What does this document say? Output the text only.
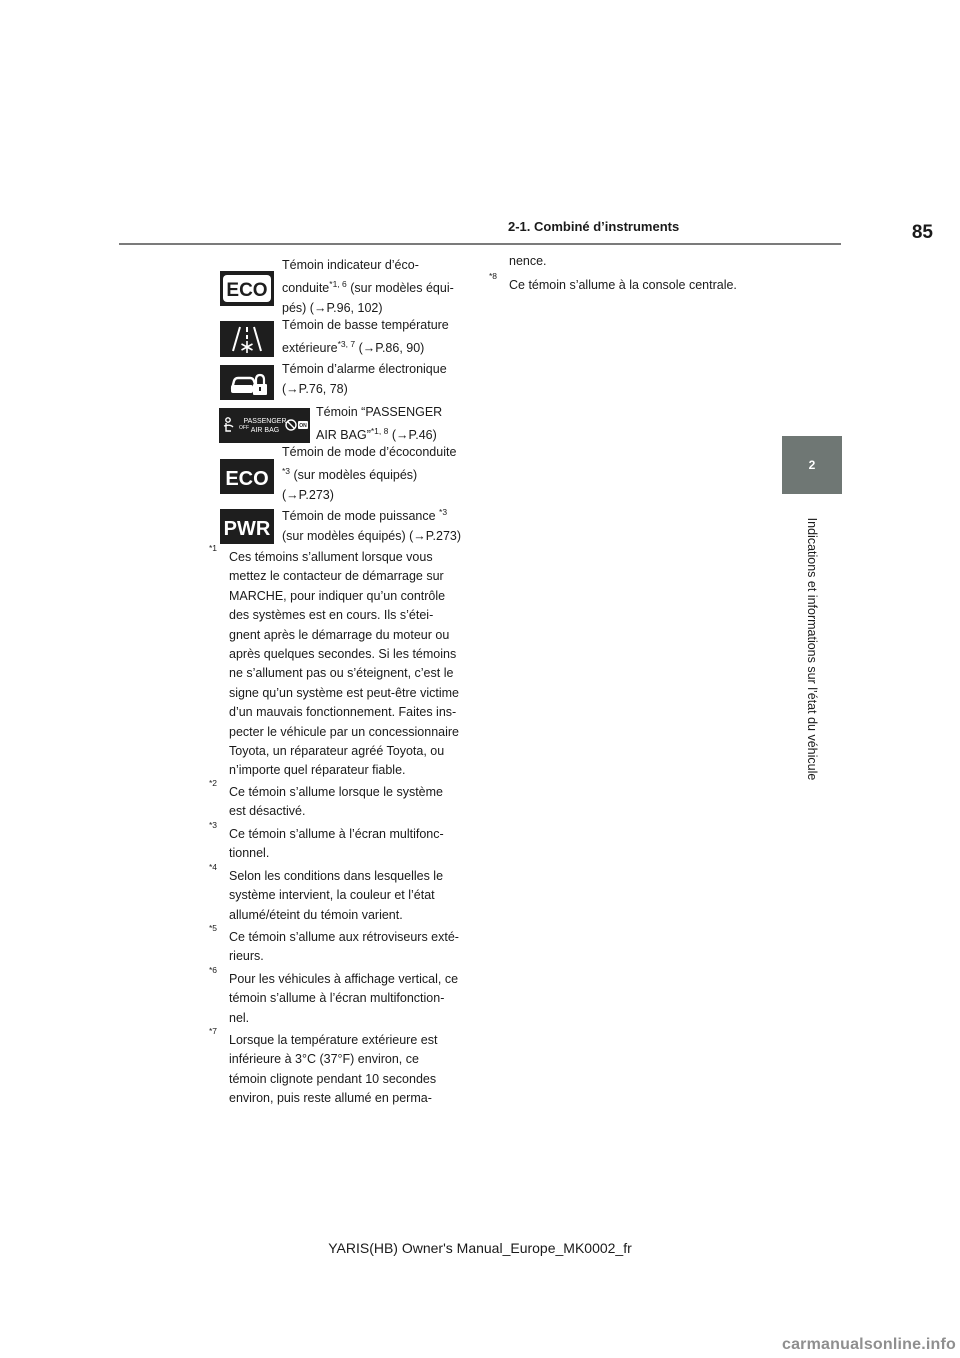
2-1. Combiné d’instruments	85
2
Indications et informations sur l’état du véhicule
ECO
Témoin indicateur d’éco-
conduite$^{*1, 6}$ (sur modèles équi-
pés) (→P.96, 102)
Témoin de basse température
extérieure$^{*3, 7}$ (→P.86, 90)
Témoin d’alarme électronique
(→P.76, 78)
OFF
PASSENGER
AIR BAG
ON
Témoin “PASSENGER
AIR BAG”$^{*1, 8}$ (→P.46)
ECO
Témoin de mode d’écoconduite
$^{*3}$ (sur modèles équipés)
(→P.273)
PWR
Témoin de mode puissance $^{*3}$
(sur modèles équipés) (→P.273)
*1
Ces témoins s’allument lorsque vous
mettez le contacteur de démarrage sur
MARCHE, pour indiquer qu’un contrôle
des systèmes est en cours. Ils s’étei-
gnent après le démarrage du moteur ou
après quelques secondes. Si les témoins
ne s’allument pas ou s’éteignent, c’est le
signe qu’un système est peut-être victime
d’un mauvais fonctionnement. Faites ins-
pecter le véhicule par un concessionnaire
Toyota, un réparateur agréé Toyota, ou
n’importe quel réparateur fiable.
*2
Ce témoin s’allume lorsque le système
est désactivé.
*3
Ce témoin s’allume à l’écran multifonc-
tionnel.
*4
Selon les conditions dans lesquelles le
système intervient, la couleur et l’état
allumé/éteint du témoin varient.
*5
Ce témoin s’allume aux rétroviseurs exté-
rieurs.
*6
Pour les véhicules à affichage vertical, ce
témoin s’allume à l’écran multifonction-
nel.
*7
Lorsque la température extérieure est
inférieure à 3°C (37°F) environ, ce
témoin clignote pendant 10 secondes
environ, puis reste allumé en perma-
nence.
*8
Ce témoin s’allume à la console centrale.
YARIS(HB) Owner's Manual_Europe_MK0002_fr
carmanualsonline.info
